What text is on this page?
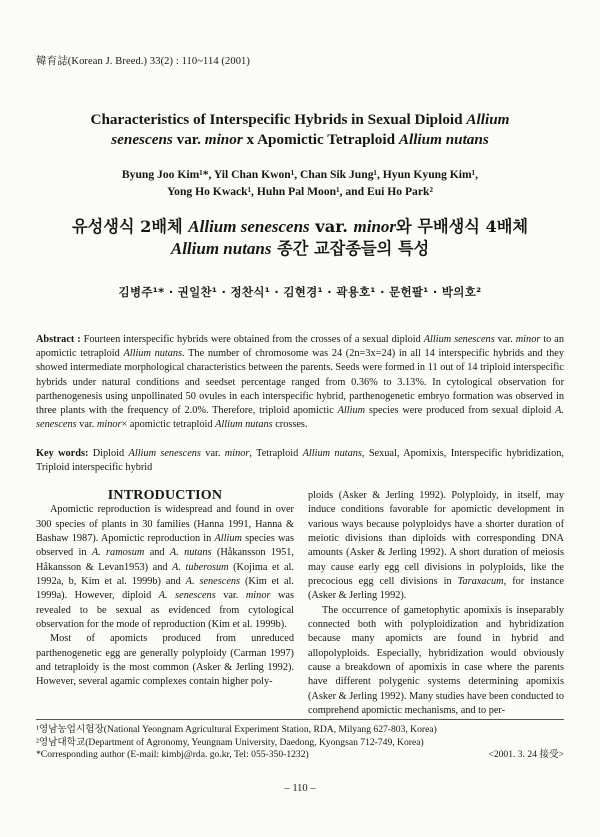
韓育誌(Korean J. Breed.) 33(2) : 110~114 (2001)
Characteristics of Interspecific Hybrids in Sexual Diploid Allium
senescens var. minor x Apomictic Tetraploid Allium nutans
Byung Joo Kim¹*, Yil Chan Kwon¹, Chan Sik Jung¹, Hyun Kyung Kim¹,
Yong Ho Kwack¹, Huhn Pal Moon¹, and Eui Ho Park²
유성생식 2배체 Allium senescens var. minor와 무배생식 4배체
Allium nutans 종간 교잡종들의 특성
김병주¹* · 권일찬¹ · 정찬식¹ · 김현경¹ · 곽용호¹ · 문헌팔¹ · 박의호²
Abstract : Fourteen interspecific hybrids were obtained from the crosses of a sexual diploid Allium senescens var. minor to an apomictic tetraploid Allium nutans. The number of chromosome was 24 (2n=3x=24) in all 14 interspecific hybrids and they showed intermediate morphological characteristics between the parents. Seeds were formed in 11 out of 14 triploid interspecific hybrids under natural conditions and seedset percentage ranged from 0.36% to 3.13%. In cytological observation for parthenogenesis using unpollinated 50 ovules in each interspecific hybrid, parthenogenetic embryo formation was observed in three plants with the frequency of 2.0%. Therefore, triploid apomictic Allium species were produced from sexual diploid A. senescens var. minor× apomictic tetraploid Allium nutans crosses.
Key words: Diploid Allium senescens var. minor, Tetraploid Allium nutans, Sexual, Apomixis, Interspecific hybridization, Triploid interspecific hybrid

INTRODUCTION

Apomictic reproduction is widespread and found in over 300 species of plants in 30 families (Hanna 1991, Hanna & Bashaw 1987). Apomictic reproduction in Allium species was observed in A. ramosum and A. nutans (Håkansson 1951, Håkansson & Levan1953) and A. tuberosum (Kojima et al. 1992a, b, Kim et al. 1999b) and A. senescens (Kim et al. 1999a). However, diploid A. senescens var. minor was revealed to be sexual as evidenced from cytological observation for the mode of reproduction (Kim et al. 1999b).

Most of apomicts produced from unreduced parthenogenetic egg are generally polyploidy (Carman 1997) and tetraploidy is the most common (Asker & Jerling 1992). However, several agamic complexes contain higher poly-

ploids (Asker & Jerling 1992). Polyploidy, in itself, may induce conditions favorable for apomictic development in various ways because polyploidys have a shorter duration of meiotic divisions than diploids with corresponding DNA amounts (Asker & Jerling 1992). A short duration of meiosis may cause early egg cell divisions in polyploids, like the precocious egg cell divisions in Taraxacum, for instance (Asker & Jerling 1992).

The occurrence of gametophytic apomixis is inseparably connected both with polyploidization and hybridization because many apomicts are found in hybrid and allopolyploids. Especially, hybridization would obviously cause a breakdown of apomixis in case where the parents have different polygenic systems determining apomixis (Asker & Jerling 1992). Many studies have been conducted to comprehend apomictic mechanisms, and to per-

¹영남농업시험장(National Yeongnam Agricultural Experiment Station, RDA, Milyang 627-803, Korea)
²영남대학교(Department of Agronomy, Yeungnam University, Daedong, Kyongsan 712-749, Korea)
*Corresponding author (E-mail: kimbj@rda. go.kr, Tel: 055-350-1232)	<2001. 3. 24 接受>
– 110 –
